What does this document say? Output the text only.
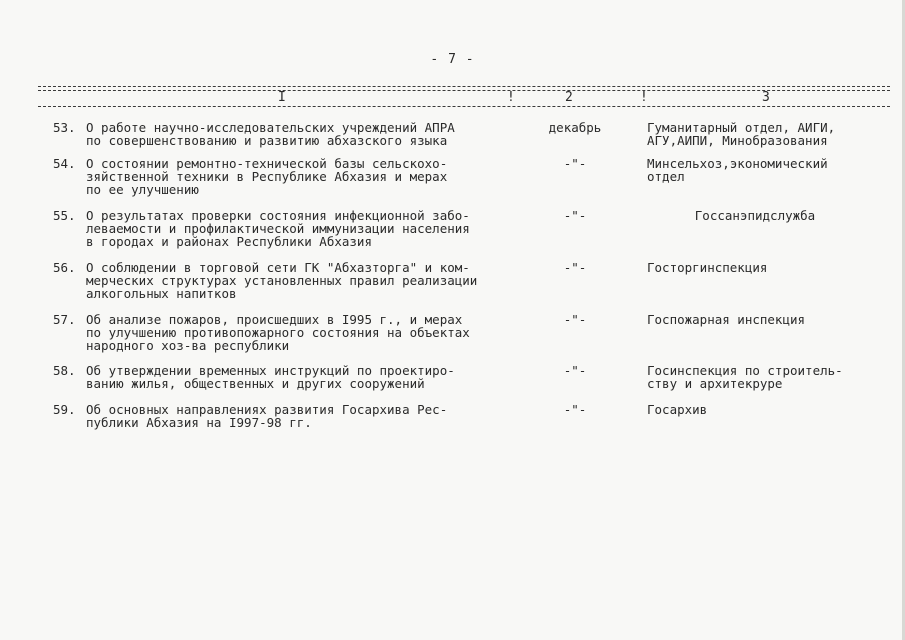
- 7 -
I	!	2	!	3
53. О работе научно-исследовательских учреждений АПРА
по совершенствованию и развитию абхазского языка
декабрь	Гуманитарный отдел, АИГИ,
АГУ,АИПИ, Минобразования
54. О состоянии ремонтно-технической базы сельскохо-
зяйственной техники в Республике Абхазия и мерах
по ее улучшению
-"-	Минсельхоз,экономический
отдел
55. О результатах проверки состояния инфекционной забо-
леваемости и профилактической иммунизации населения
в городах и районах Республики Абхазия
-"-	Госсанэпидслужба
56. О соблюдении в торговой сети ГК "Абхазторга" и ком-
мерческих структурах установленных правил реализации
алкогольных напитков
-"-	Госторгинспекция
57. Об анализе пожаров, происшедших в I995 г., и мерах
по улучшению противопожарного состояния на объектах
народного хоз-ва республики
-"-	Госпожарная инспекция
58. Об утверждении временных инструкций по проектиро-
ванию жилья, общественных и других сооружений
-"-	Госинспекция по строитель-
ству и архитекруре
59. Об основных направлениях развития Госархива Рес-
публики Абхазия на I997-98 гг.
-"-	Госархив
